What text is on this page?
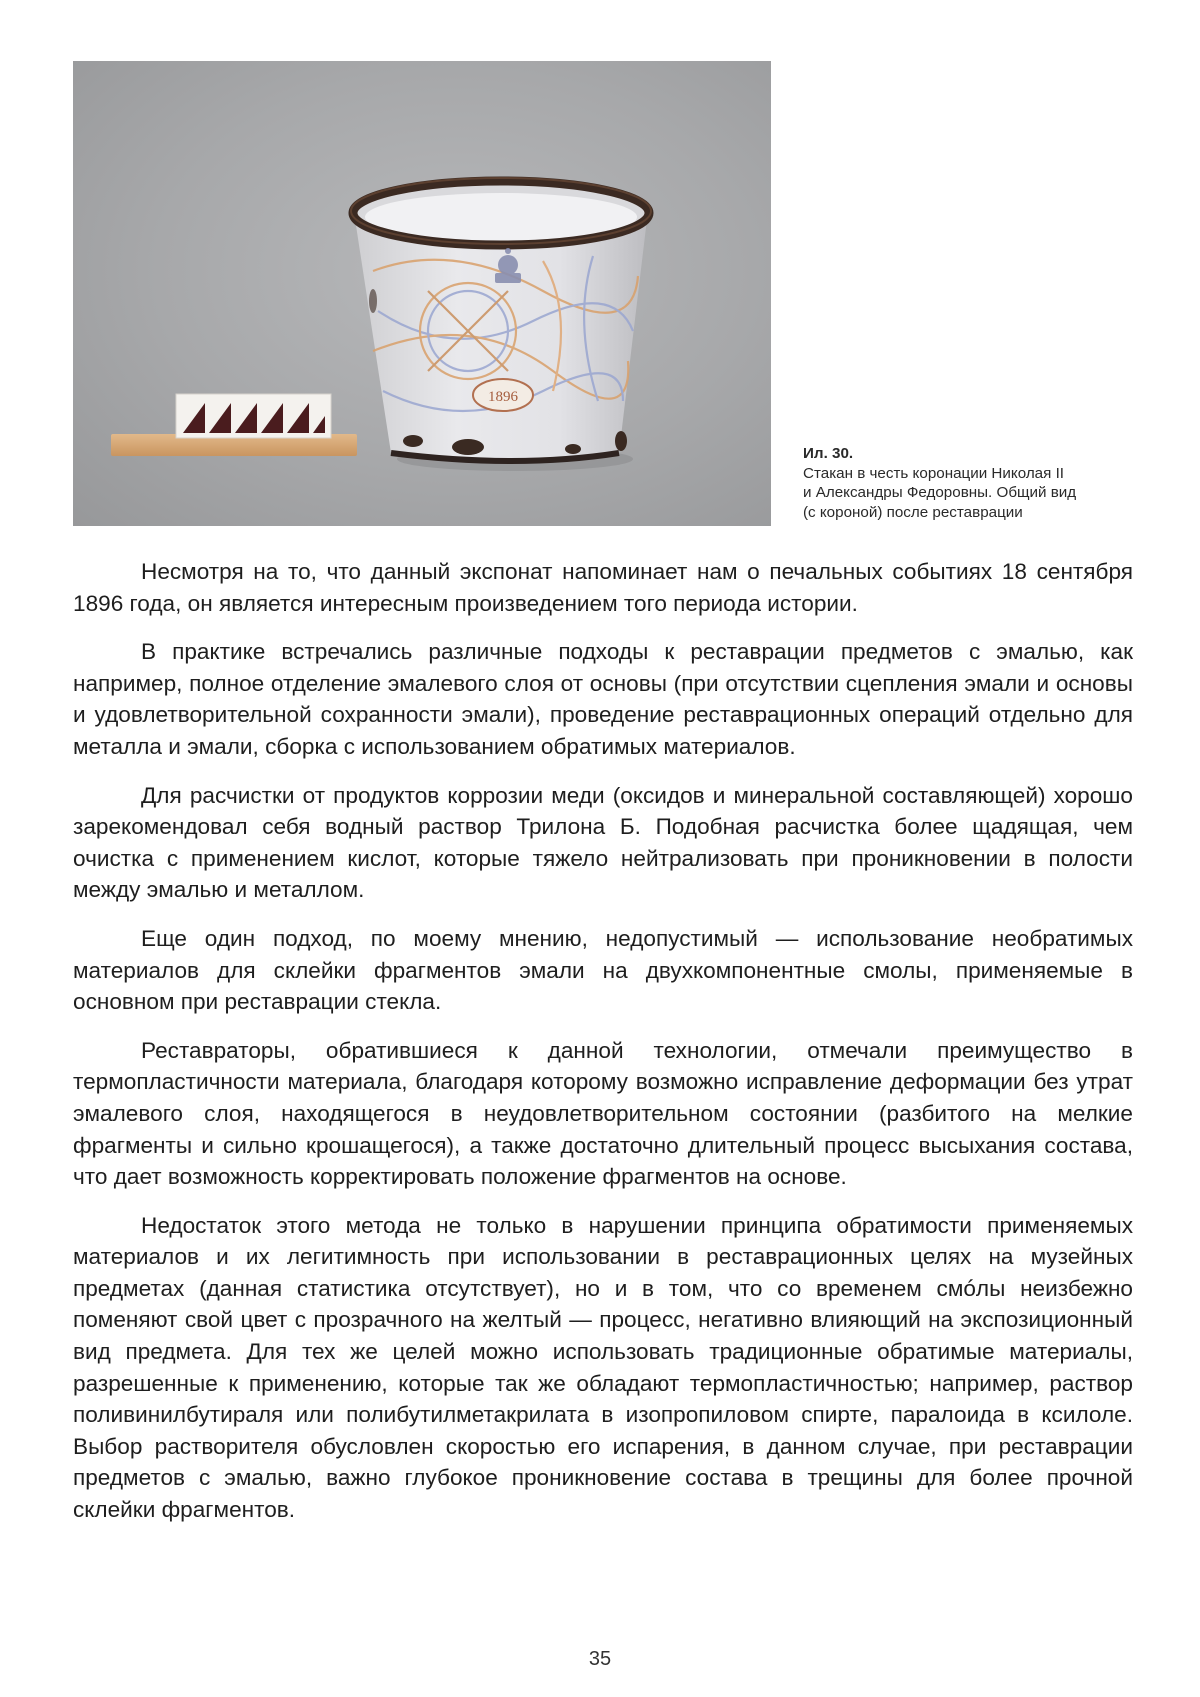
1896
Ил. 30.
Стакан в честь коронации Николая II
и Александры Федоровны. Общий вид
(с короной) после реставрации

Несмотря на то, что данный экспонат напоминает нам о печальных событиях 18 сентября 1896 года, он является интересным произведением того периода истории.

В практике встречались различные подходы к реставрации предметов с эмалью, как например, полное отделение эмалевого слоя от основы (при отсутствии сцепления эмали и основы и удовлетворительной сохранности эмали), проведение реставрационных операций отдельно для металла и эмали, сборка с использованием обратимых материалов.

Для расчистки от продуктов коррозии меди (оксидов и минеральной составляющей) хорошо зарекомендовал себя водный раствор Трилона Б. Подобная расчистка более щадящая, чем очистка с применением кислот, которые тяжело нейтрализовать при проникновении в полости между эмалью и металлом.

Еще один подход, по моему мнению, недопустимый — использование необратимых материалов для склейки фрагментов эмали на двухкомпонентные смолы, применяемые в основном при реставрации стекла.

Реставраторы, обратившиеся к данной технологии, отмечали преимущество в термопластичности материала, благодаря которому возможно исправление деформации без утрат эмалевого слоя, находящегося в неудовлетворительном состоянии (разбитого на мелкие фрагменты и сильно крошащегося), а также достаточно длительный процесс высыхания состава, что дает возможность корректировать положение фрагментов на основе.

Недостаток этого метода не только в нарушении принципа обратимости применяемых материалов и их легитимность при использовании в реставрационных целях на музейных предметах (данная статистика отсутствует), но и в том, что со временем смóлы неизбежно поменяют свой цвет с прозрачного на желтый — процесс, негативно влияющий на экспозиционный вид предмета. Для тех же целей можно использовать традиционные обратимые материалы, разрешенные к применению, которые так же обладают термопластичностью; например, раствор поливинилбутираля или полибутилметакрилата в изопропиловом спирте, паралоида в ксилоле. Выбор растворителя обусловлен скоростью его испарения, в данном случае, при реставрации предметов с эмалью, важно глубокое проникновение состава в трещины для более прочной склейки фрагментов.

35
